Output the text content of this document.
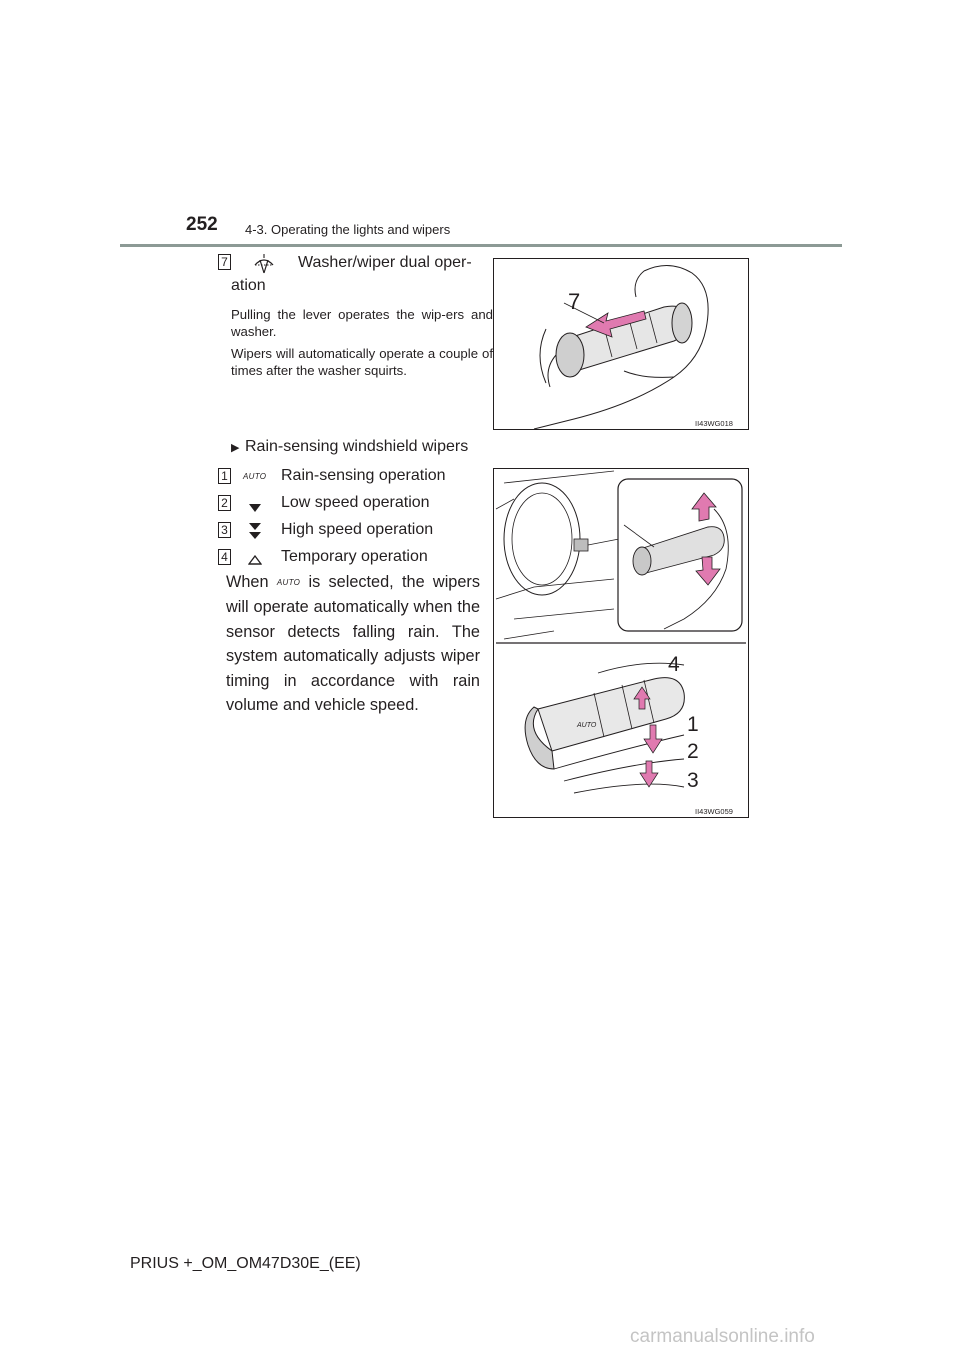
252 4-3. Operating the lights and wipers
7	Washer/wiper dual oper-
ation
Pulling the lever operates the wip-ers and washer.
Wipers will automatically operate a couple of times after the washer squirts.
7
II43WG018
▶ Rain-sensing windshield wipers
1	AUTO Rain-sensing operation
2	Low speed operation
3	High speed operation
4	Temporary operation
When AUTO is selected, the wipers will operate automatically when the sensor detects falling rain. The system automatically adjusts wiper timing in accordance with rain volume and vehicle speed.
AUTO
4
1
2
3
II43WG059
PRIUS +_OM_OM47D30E_(EE)
carmanualsonline.info
